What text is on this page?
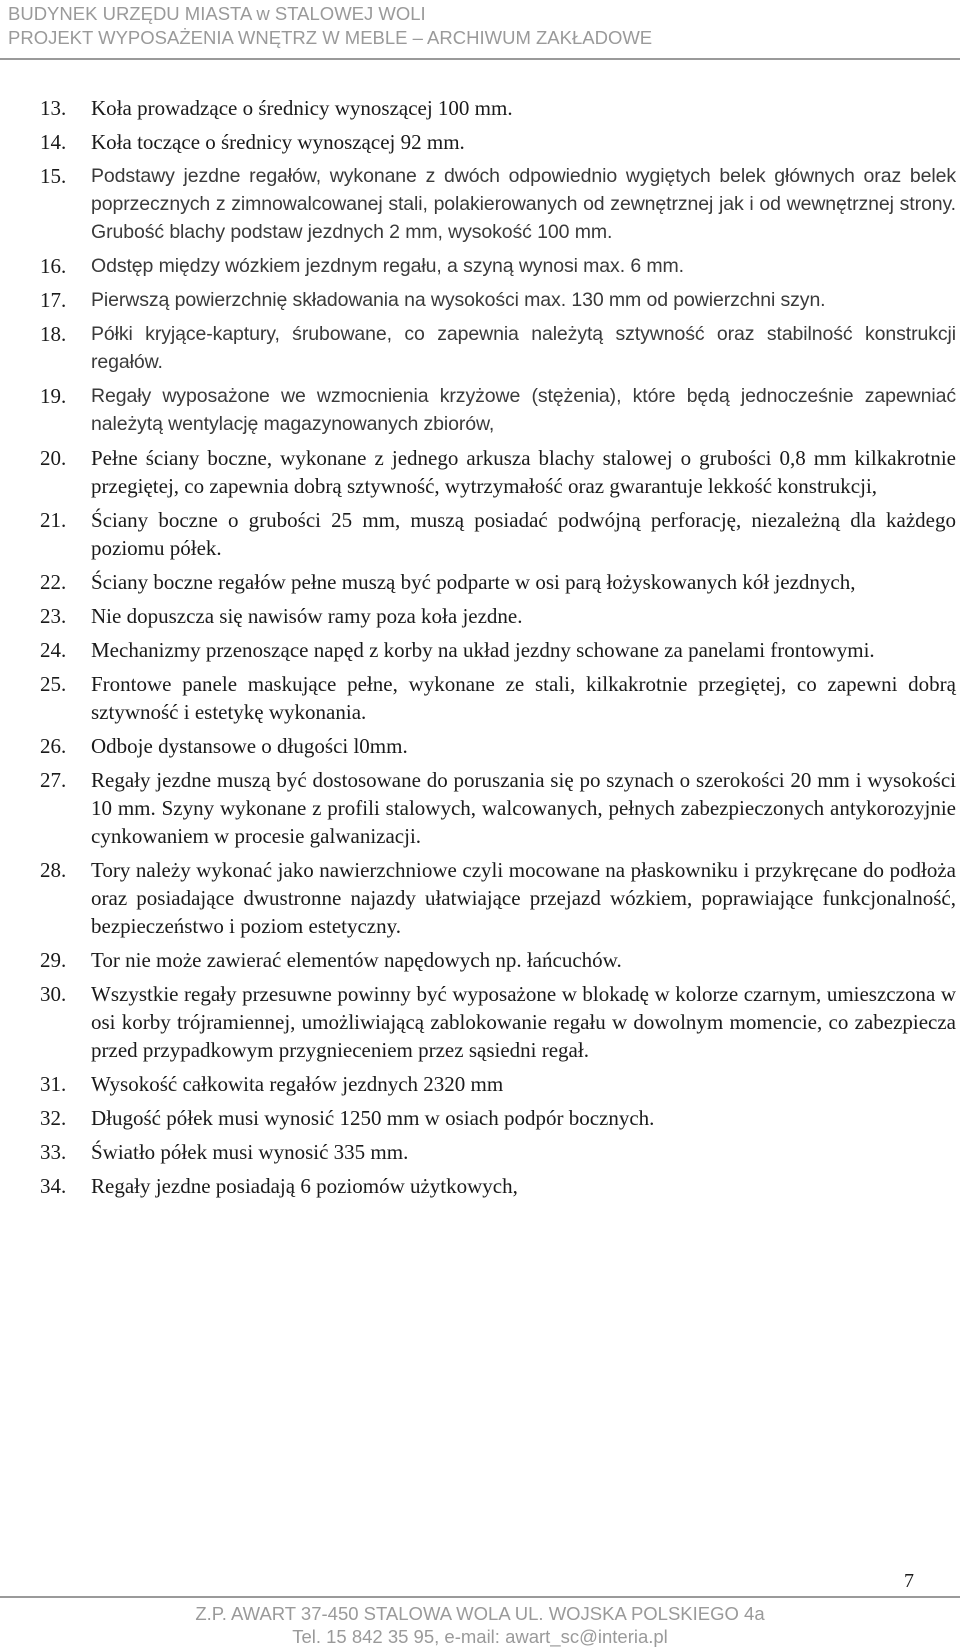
BUDYNEK URZĘDU MIASTA w STALOWEJ WOLI
PROJEKT WYPOSAŻENIA WNĘTRZ W MEBLE – ARCHIWUM ZAKŁADOWE
13.	Koła prowadzące o średnicy wynoszącej 100 mm.
14.	Koła toczące o średnicy wynoszącej 92 mm.
15.	Podstawy jezdne regałów, wykonane z dwóch odpowiednio wygiętych belek głównych oraz belek poprzecznych z zimnowalcowanej stali, polakierowanych od zewnętrznej jak i od wewnętrznej strony. Grubość blachy podstaw jezdnych 2 mm, wysokość 100 mm.
16.	Odstęp między wózkiem jezdnym regału, a szyną wynosi max. 6 mm.
17.	Pierwszą powierzchnię składowania na wysokości max. 130 mm od powierzchni szyn.
18.	Półki kryjące-kaptury, śrubowane, co zapewnia należytą sztywność oraz stabilność konstrukcji regałów.
19.	Regały wyposażone we wzmocnienia krzyżowe (stężenia), które będą jednocześnie zapewniać należytą wentylację magazynowanych zbiorów,
20.	Pełne ściany boczne, wykonane z jednego arkusza blachy stalowej o grubości 0,8 mm kilkakrotnie przegiętej, co zapewnia dobrą sztywność, wytrzymałość oraz gwarantuje lekkość konstrukcji,
21.	Ściany boczne o grubości 25 mm, muszą posiadać podwójną perforację, niezależną dla każdego poziomu półek.
22.	Ściany boczne regałów pełne muszą być podparte w osi parą łożyskowanych kół jezdnych,
23.	Nie dopuszcza się nawisów ramy poza koła jezdne.
24.	Mechanizmy przenoszące napęd z korby na układ jezdny schowane za panelami frontowymi.
25.	Frontowe panele maskujące pełne, wykonane ze stali, kilkakrotnie przegiętej, co zapewni dobrą sztywność i estetykę wykonania.
26.	Odboje dystansowe o długości l0mm.
27.	Regały jezdne muszą być dostosowane do poruszania się po szynach o szerokości 20 mm i wysokości 10 mm. Szyny wykonane z profili stalowych, walcowanych, pełnych zabezpieczonych antykorozyjnie cynkowaniem w procesie galwanizacji.
28.	Tory należy wykonać jako nawierzchniowe czyli mocowane na płaskowniku i przykręcane do podłoża oraz posiadające dwustronne najazdy ułatwiające przejazd wózkiem, poprawiające funkcjonalność, bezpieczeństwo i poziom estetyczny.
29.	Tor nie może zawierać elementów napędowych np. łańcuchów.
30.	Wszystkie regały przesuwne powinny być wyposażone w blokadę w kolorze czarnym, umieszczona w osi korby trójramiennej, umożliwiającą zablokowanie regału w dowolnym momencie, co zabezpiecza przed przypadkowym przygnieceniem przez sąsiedni regał.
31.	Wysokość całkowita regałów jezdnych 2320 mm
32.	Długość półek musi wynosić 1250 mm w osiach podpór bocznych.
33.	Światło półek musi wynosić 335 mm.
34.	Regały jezdne posiadają 6 poziomów użytkowych,
7
Z.P. AWART 37-450 STALOWA WOLA UL. WOJSKA POLSKIEGO 4a
Tel. 15 842 35 95, e-mail: awart_sc@interia.pl
